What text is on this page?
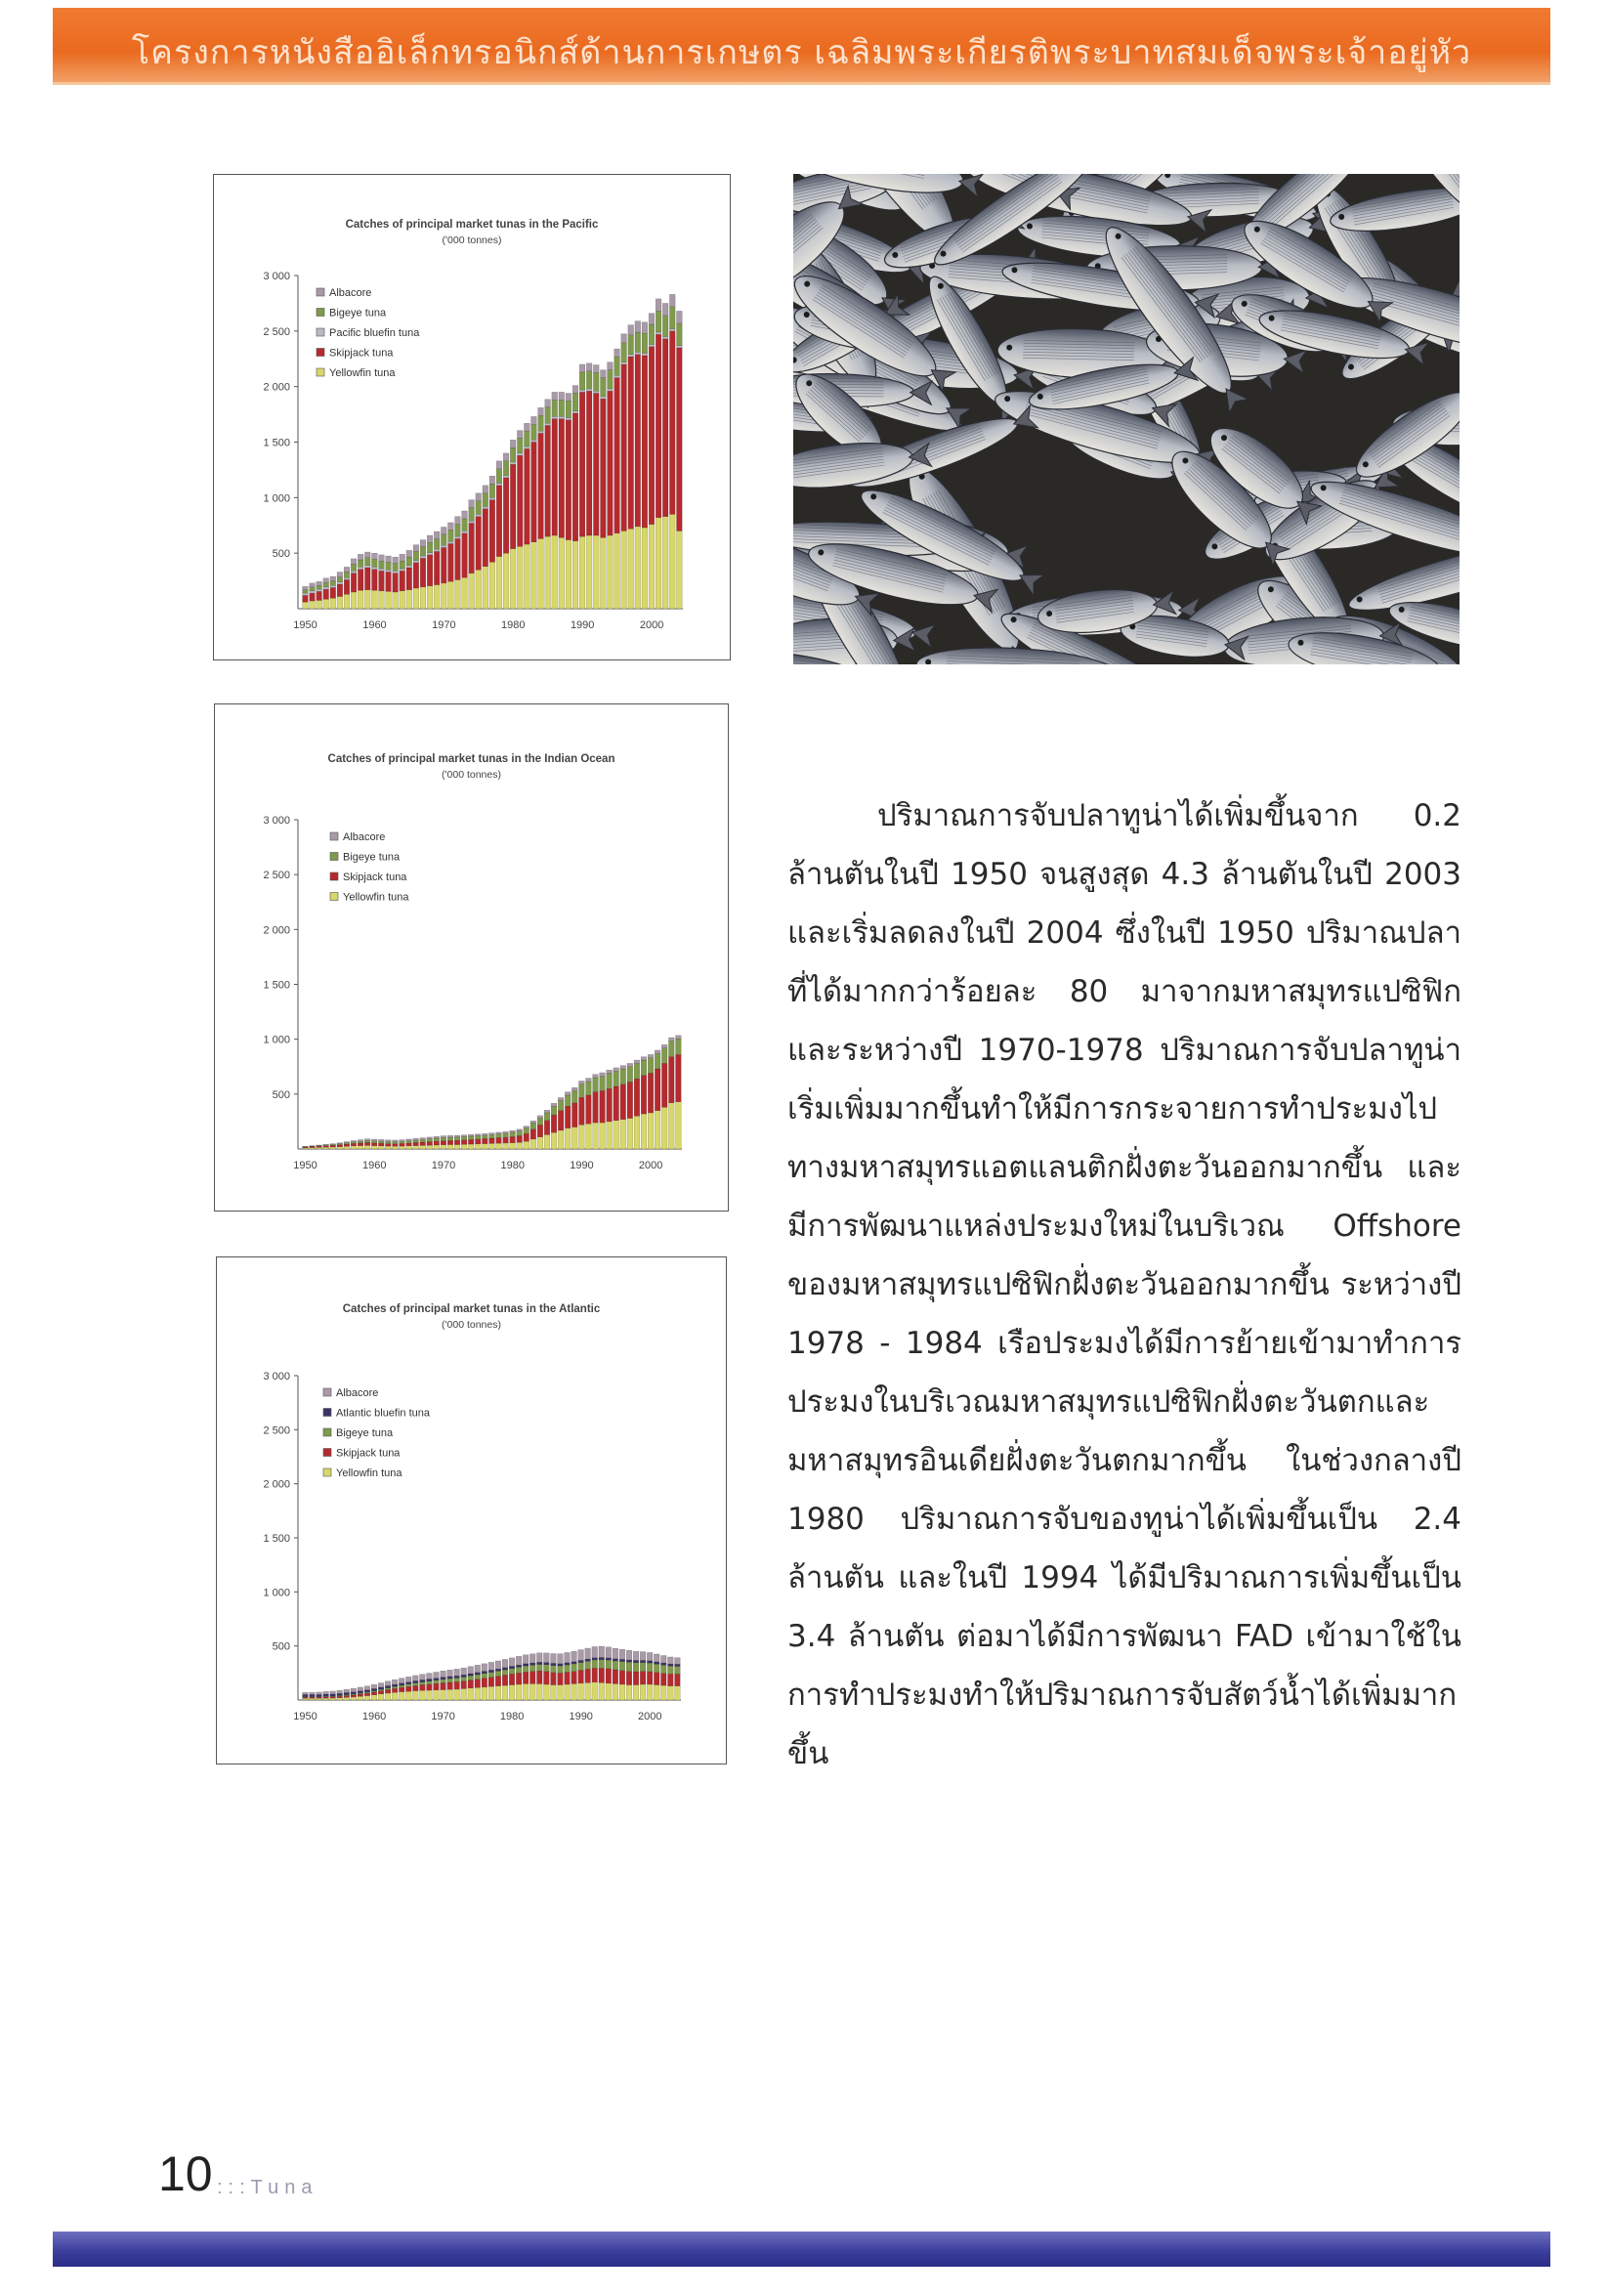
โครงการหนังสืออิเล็กทรอนิกส์ด้านการเกษตร เฉลิมพระเกียรติพระบาทสมเด็จพระเจ้าอยู่หัว
Catches of principal market tunas in the Pacific
('000 tonnes)
3 000
2 500
2 000
1 500
1 000
500
1950	1960	1970	1980	1990	2000
Albacore
Bigeye tuna
Pacific bluefin tuna
Skipjack tuna
Yellowfin tuna
Catches of principal market tunas in the Indian Ocean
('000 tonnes)
3 000
2 500
2 000
1 500
1 000
500
1950	1960	1970	1980	1990	2000
Albacore
Bigeye tuna
Skipjack tuna
Yellowfin tuna
Catches of principal market tunas in the Atlantic
('000 tonnes)
3 000
2 500
2 000
1 500
1 000
500
1950	1960	1970	1980	1990	2000
Albacore
Atlantic bluefin tuna
Bigeye tuna
Skipjack tuna
Yellowfin tuna
ปริมาณการจับปลาทูน่าได้เพิ่มขึ้นจาก 0.2 ล้านตันในปี 1950 จนสูงสุด 4.3 ล้านตันในปี 2003 และเริ่มลดลงในปี 2004 ซึ่งในปี 1950 ปริมาณปลาที่ได้มากกว่าร้อยละ 80 มาจากมหาสมุทรแปซิฟิก และระหว่างปี 1970-1978 ปริมาณการจับปลาทูน่าเริ่มเพิ่มมากขึ้นทำให้มีการกระจายการทำประมงไปทางมหาสมุทรแอตแลนติกฝั่งตะวันออกมากขึ้น และมีการพัฒนาแหล่งประมงใหม่ในบริเวณ Offshore ของมหาสมุทรแปซิฟิกฝั่งตะวันออกมากขึ้น ระหว่างปี 1978 - 1984 เรือประมงได้มีการย้ายเข้ามาทำการประมงในบริเวณมหาสมุทรแปซิฟิกฝั่งตะวันตกและมหาสมุทรอินเดียฝั่งตะวันตกมากขึ้น ในช่วงกลางปี 1980 ปริมาณการจับของทูน่าได้เพิ่มขึ้นเป็น 2.4 ล้านตัน และในปี 1994 ได้มีปริมาณการเพิ่มขึ้นเป็น 3.4 ล้านตัน ต่อมาได้มีการพัฒนา FAD เข้ามาใช้ในการทำประมงทำให้ปริมาณการจับสัตว์น้ำได้เพิ่มมากขึ้น
10 :::Tuna
